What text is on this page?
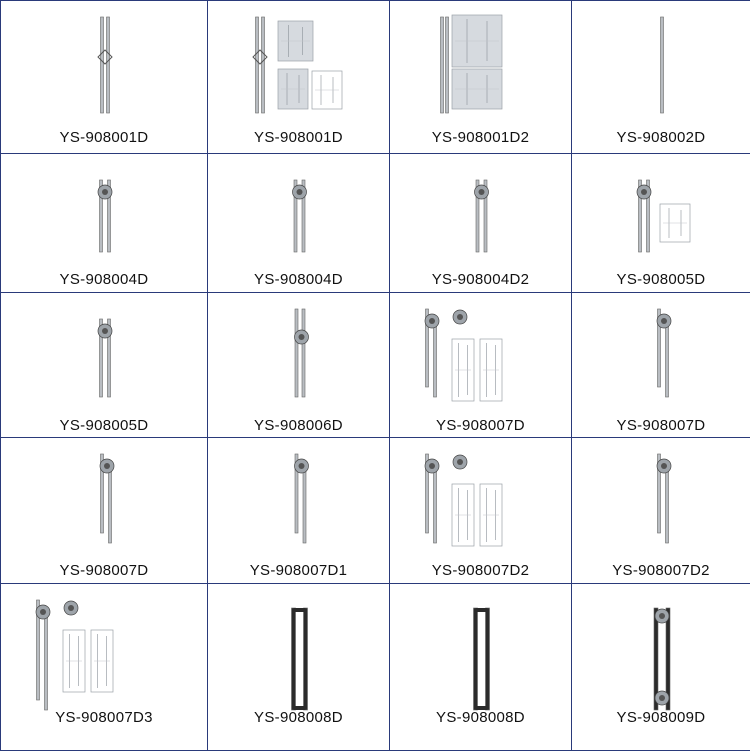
YS-908001D	YS-908001D	YS-908001D2	YS-908002D
YS-908004D	YS-908004D	YS-908004D2	YS-908005D
YS-908005D	YS-908006D	YS-908007D	YS-908007D
YS-908007D	YS-908007D1	YS-908007D2	YS-908007D2
YS-908007D3	YS-908008D	YS-908008D	YS-908009D
